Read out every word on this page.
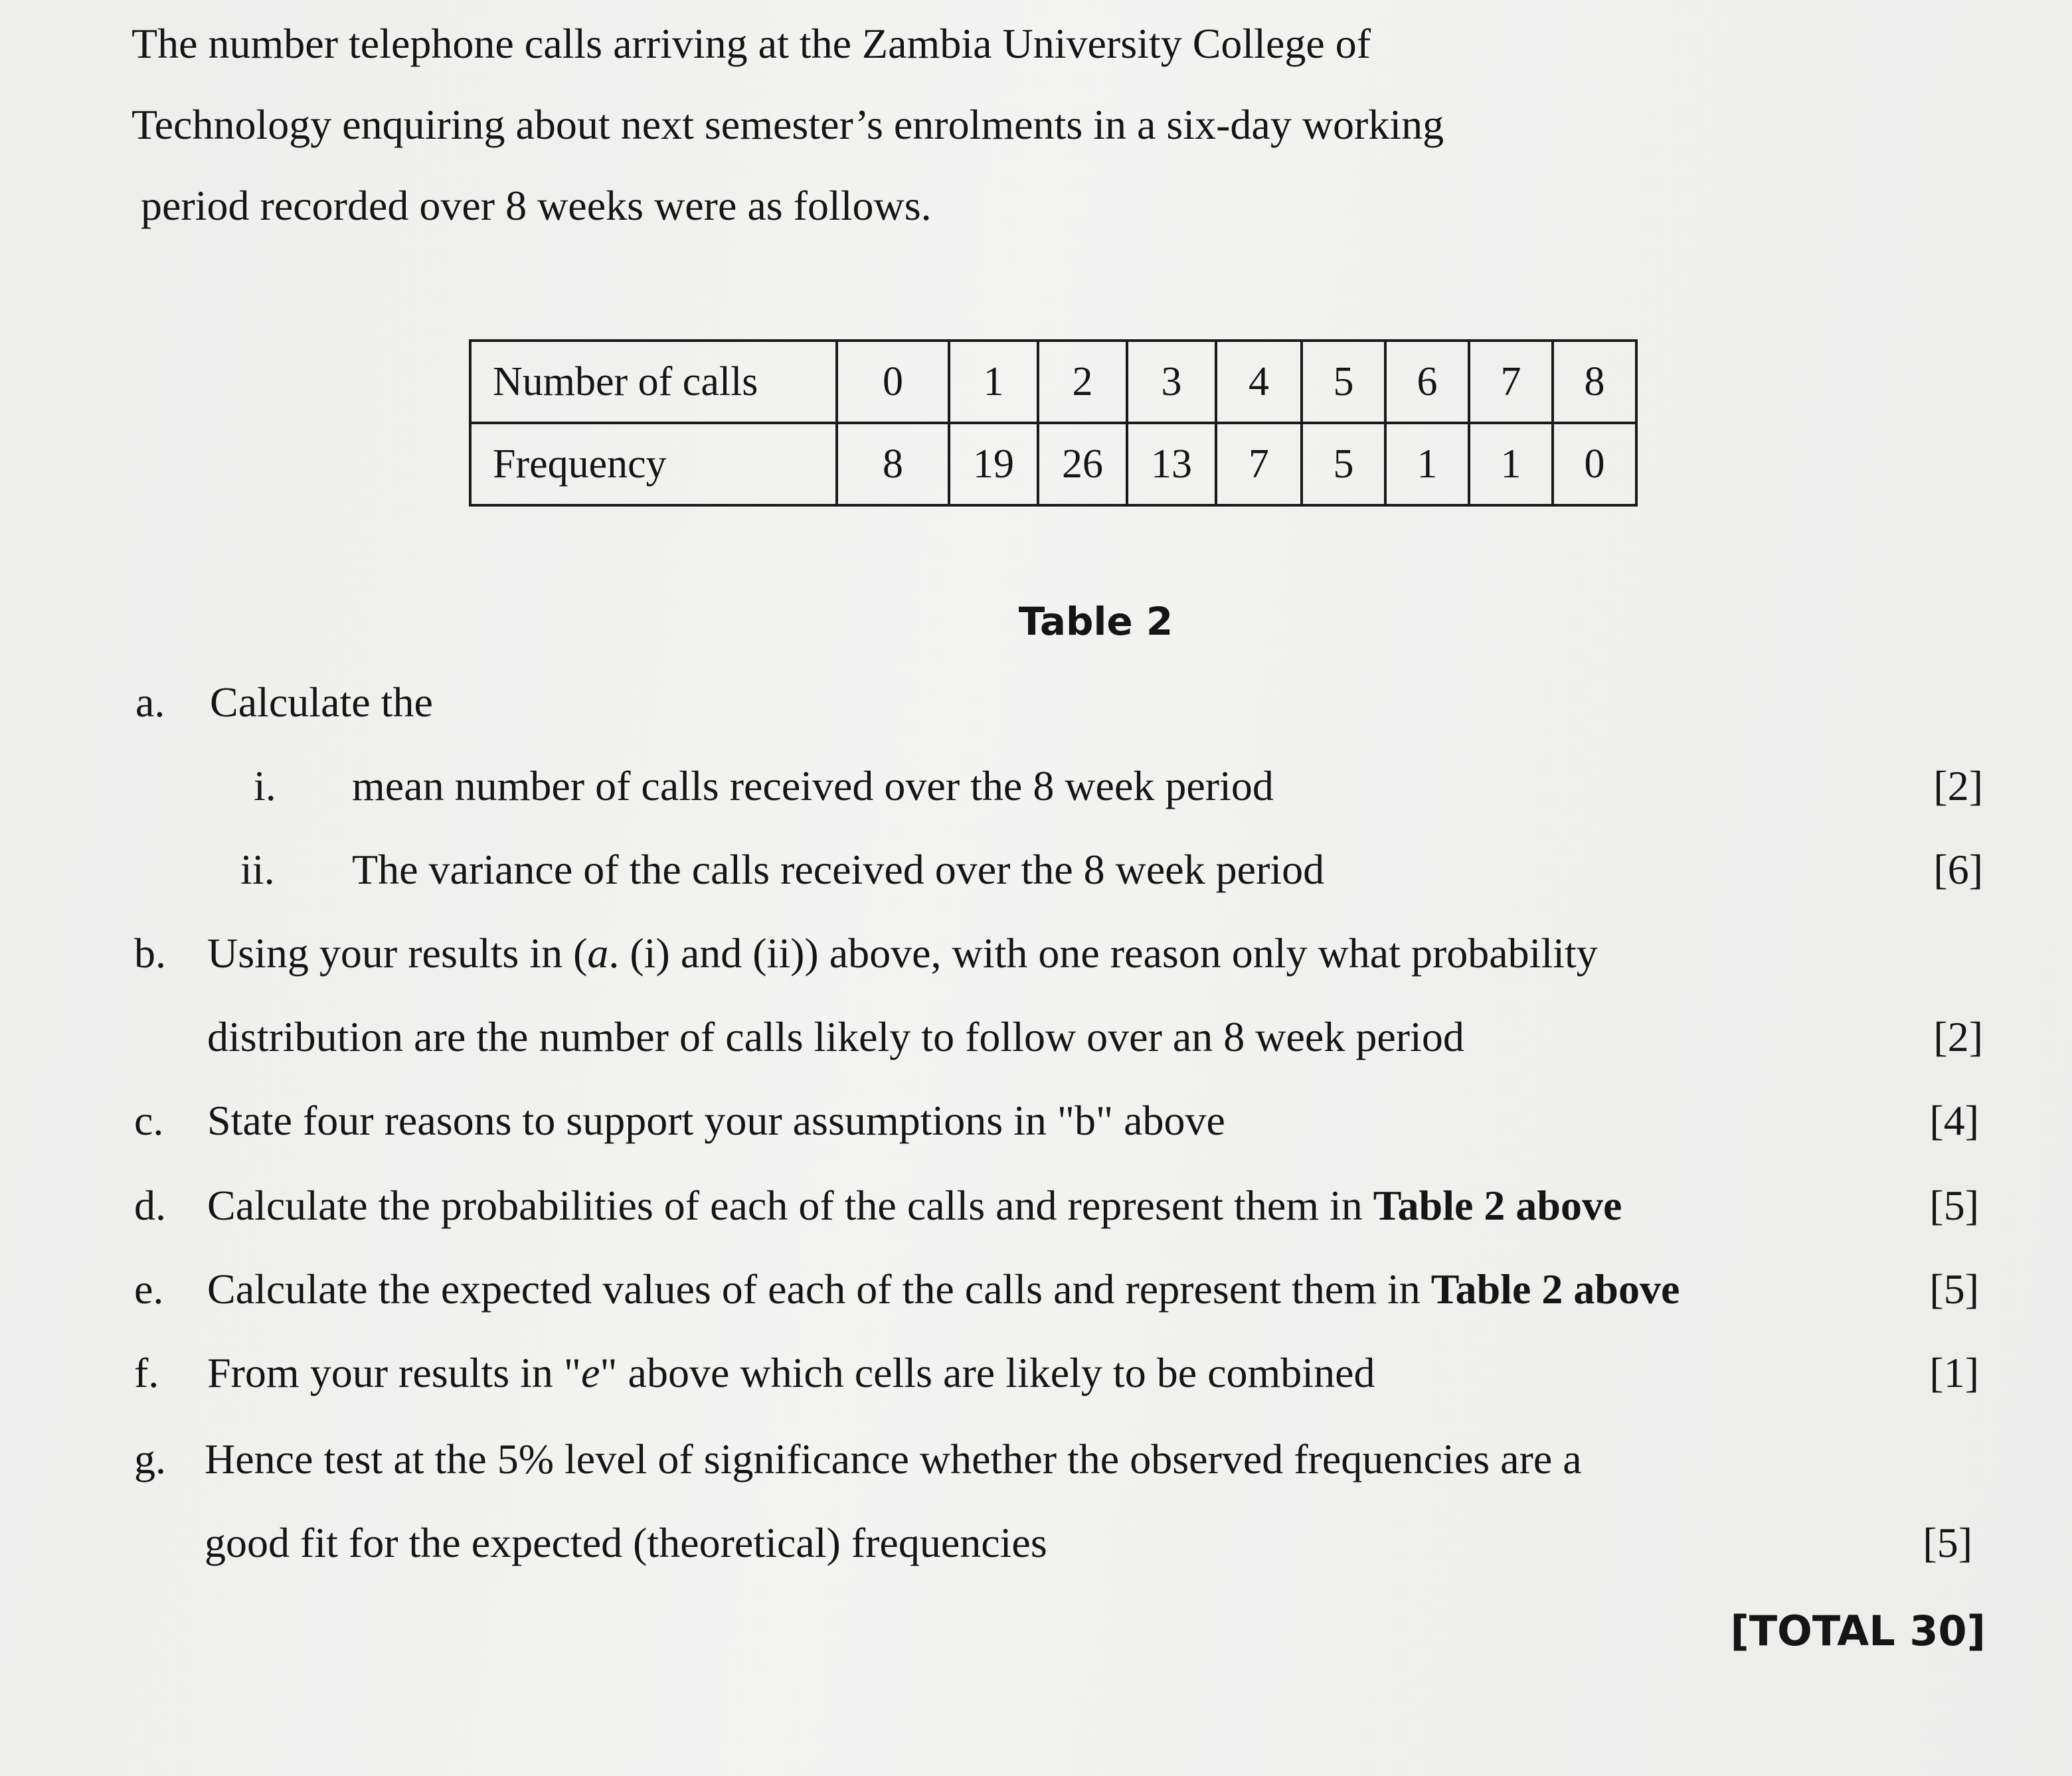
The number telephone calls arriving at the Zambia University College of
Technology enquiring about next semester’s enrolments in a six-day working
period recorded over 8 weeks were as follows.
Number of calls	0	1	2	3	4	5	6	7	8
Frequency	8	19	26	13	7	5	1	1	0
Table 2
a. Calculate the
i. mean number of calls received over the 8 week period	[2]
ii. The variance of the calls received over the 8 week period	[6]
b. Using your results in (a. (i) and (ii)) above, with one reason only what probability
distribution are the number of calls likely to follow over an 8 week period	[2]
c. State four reasons to support your assumptions in "b" above	[4]
d. Calculate the probabilities of each of the calls and represent them in Table 2 above	[5]
e. Calculate the expected values of each of the calls and represent them in Table 2 above	[5]
f. From your results in "e" above which cells are likely to be combined	[1]
g. Hence test at the 5% level of significance whether the observed frequencies are a
good fit for the expected (theoretical) frequencies	[5]
[TOTAL 30]
